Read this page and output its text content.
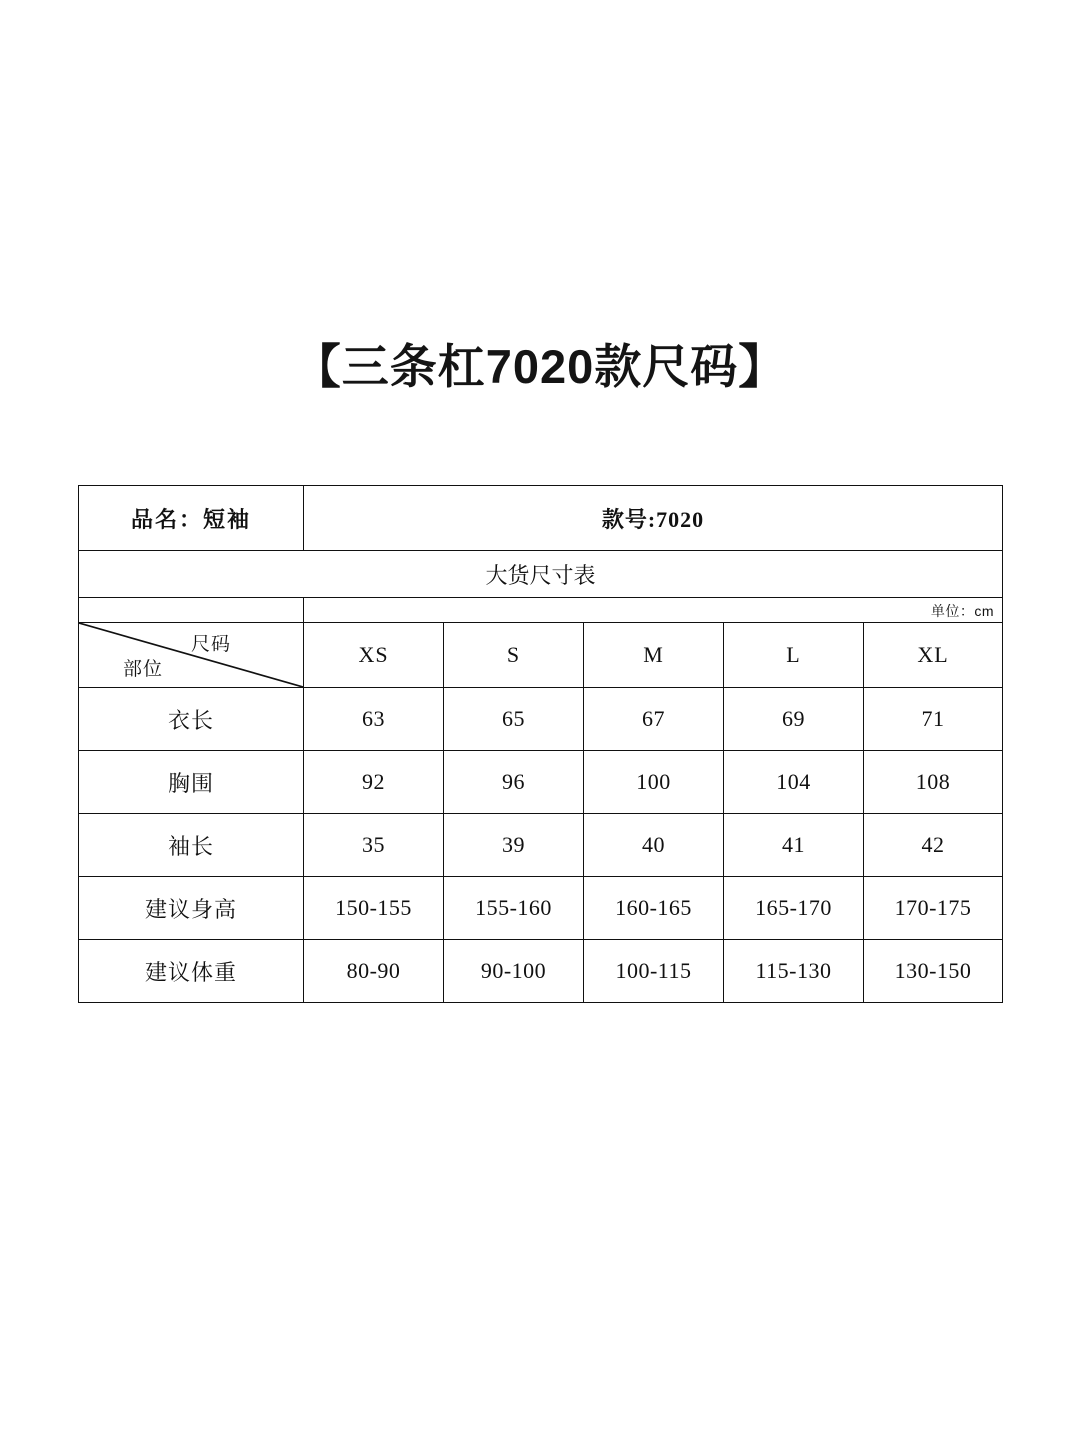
【三条杠7020款尺码】
品名：短袖	款号:7020				
大货尺寸表					

	单位：cm				

尺码
部位	XS	S	M	L	XL
衣长	63	65	67	69	71
胸围	92	96	100	104	108
袖长	35	39	40	41	42
建议身高	150-155	155-160	160-165	165-170	170-175
建议体重	80-90	90-100	100-115	115-130	130-150
